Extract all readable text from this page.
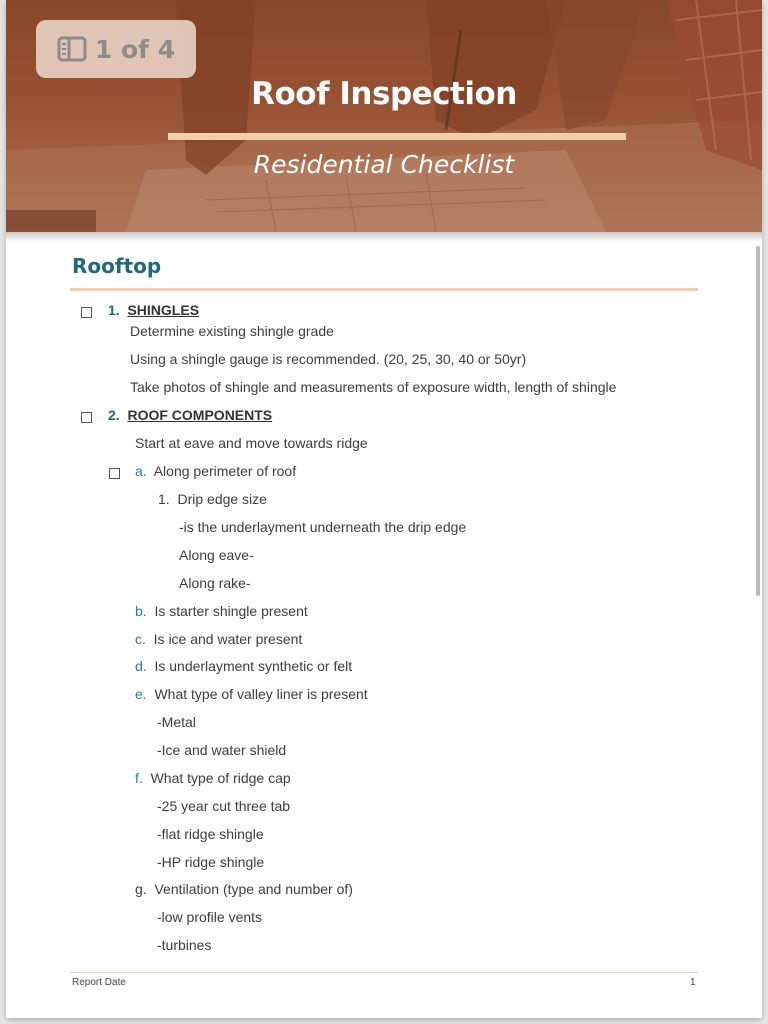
1 of 4
Roof Inspection
Residential Checklist
Rooftop
1. SHINGLES
Determine existing shingle grade
Using a shingle gauge is recommended. (20, 25, 30, 40 or 50yr)
Take photos of shingle and measurements of exposure width, length of shingle
2. ROOF COMPONENTS
Start at eave and move towards ridge
a. Along perimeter of roof
1. Drip edge size
-is the underlayment underneath the drip edge
Along eave-
Along rake-
b. Is starter shingle present
c. Is ice and water present
d. Is underlayment synthetic or felt
e. What type of valley liner is present
-Metal
-Ice and water shield
f. What type of ridge cap
-25 year cut three tab
-flat ridge shingle
-HP ridge shingle
g. Ventilation (type and number of)
-low profile vents
-turbines
Report Date	1
